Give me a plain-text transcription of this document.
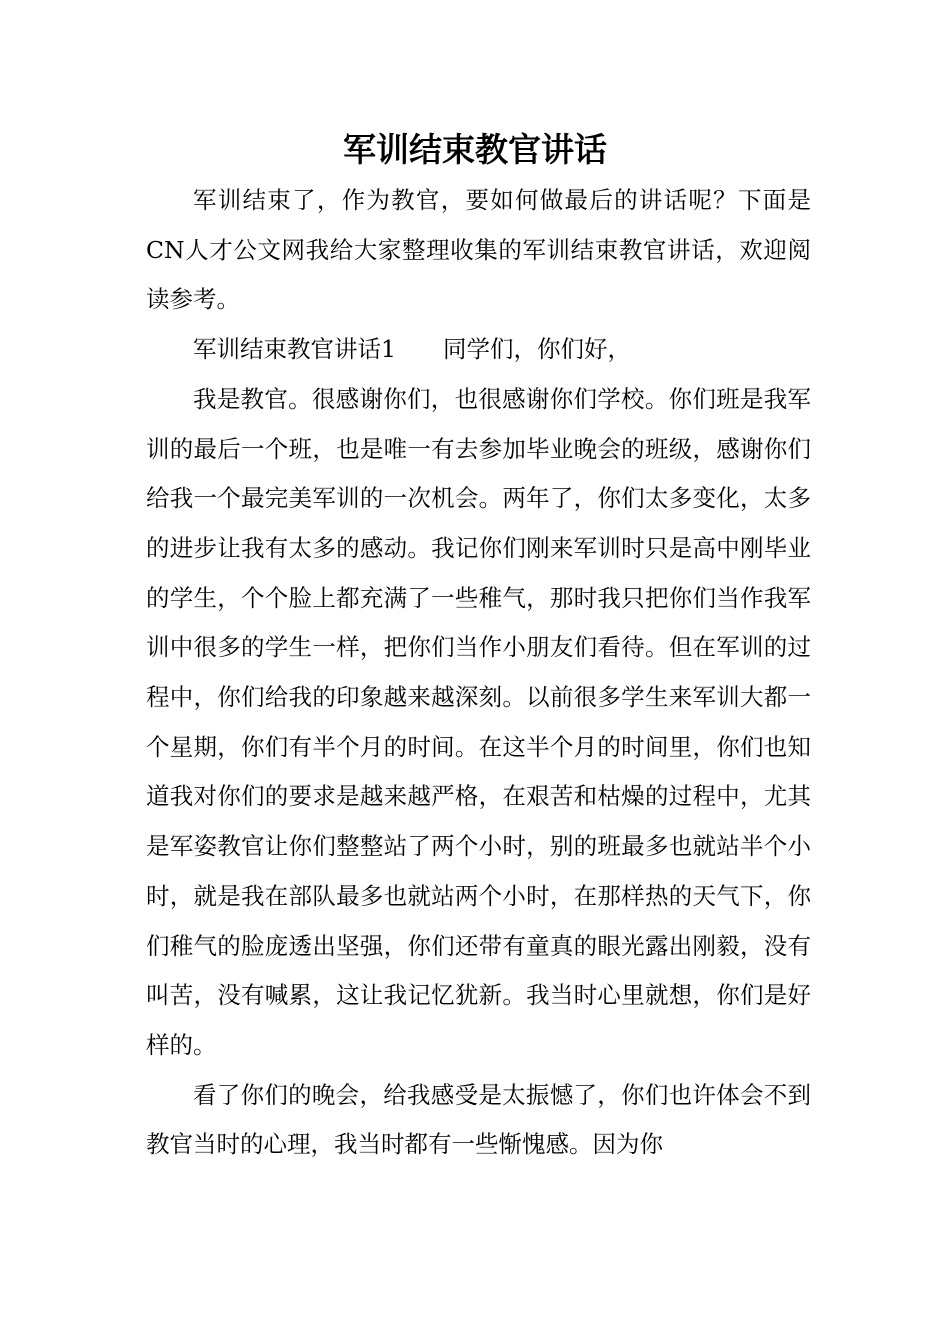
军训结束教官讲话

军训结束了，作为教官，要如何做最后的讲话呢？下面是CN人才公文网我给大家整理收集的军训结束教官讲话，欢迎阅读参考。

军训结束教官讲话1 同学们，你们好，

我是教官。很感谢你们，也很感谢你们学校。你们班是我军训的最后一个班，也是唯一有去参加毕业晚会的班级，感谢你们给我一个最完美军训的一次机会。两年了，你们太多变化，太多的进步让我有太多的感动。我记你们刚来军训时只是高中刚毕业的学生，个个脸上都充满了一些稚气，那时我只把你们当作我军训中很多的学生一样，把你们当作小朋友们看待。但在军训的过程中，你们给我的印象越来越深刻。以前很多学生来军训大都一个星期，你们有半个月的时间。在这半个月的时间里，你们也知道我对你们的要求是越来越严格，在艰苦和枯燥的过程中，尤其是军姿教官让你们整整站了两个小时，别的班最多也就站半个小时，就是我在部队最多也就站两个小时，在那样热的天气下，你们稚气的脸庞透出坚强，你们还带有童真的眼光露出刚毅，没有叫苦，没有喊累，这让我记忆犹新。我当时心里就想，你们是好样的。

看了你们的晚会，给我感受是太振憾了，你们也许体会不到教官当时的心理，我当时都有一些惭愧感。因为你
